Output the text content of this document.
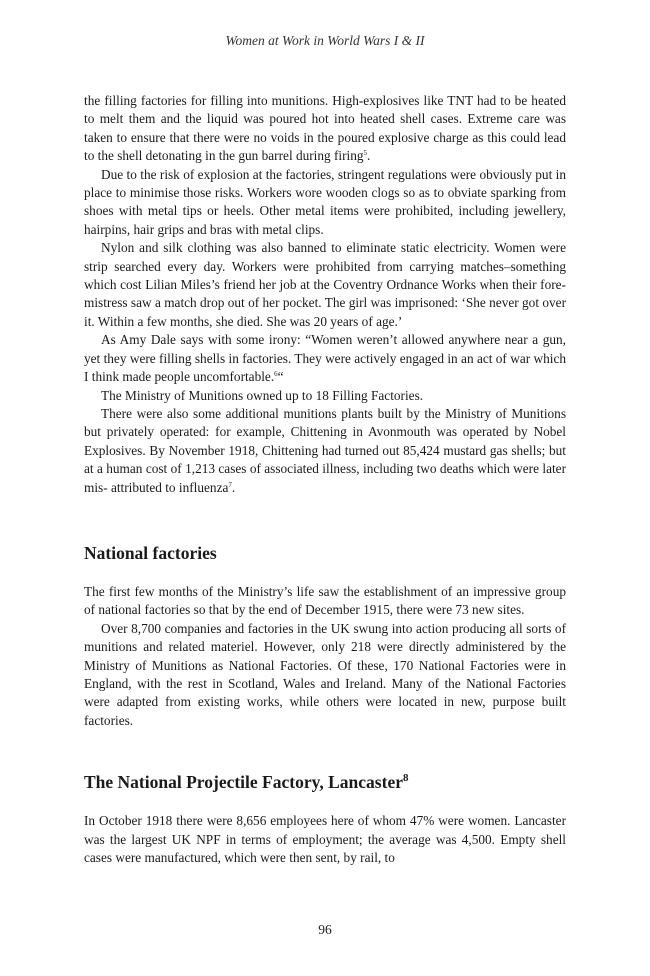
Women at Work in World Wars I & II

the filling factories for filling into munitions. High-explosives like TNT had to be heated to melt them and the liquid was poured hot into heated shell cases. Extreme care was taken to ensure that there were no voids in the poured explosive charge as this could lead to the shell detonating in the gun barrel during firing$^5$.

Due to the risk of explosion at the factories, stringent regulations were obviously put in place to minimise those risks. Workers wore wooden clogs so as to obviate sparking from shoes with metal tips or heels. Other metal items were prohibited, including jewellery, hairpins, hair grips and bras with metal clips.

Nylon and silk clothing was also banned to eliminate static electricity. Women were strip searched every day. Workers were prohibited from carrying matches–something which cost Lilian Miles’s friend her job at the Coventry Ordnance Works when their fore-mistress saw a match drop out of her pocket. The girl was imprisoned: ‘She never got over it. Within a few months, she died. She was 20 years of age.’

As Amy Dale says with some irony: “Women weren’t allowed anywhere near a gun, yet they were filling shells in factories. They were actively engaged in an act of war which I think made people uncomfortable.$^6$“

The Ministry of Munitions owned up to 18 Filling Factories.

There were also some additional munitions plants built by the Ministry of Munitions but privately operated: for example, Chittening in Avonmouth was operated by Nobel Explosives. By November 1918, Chittening had turned out 85,424 mustard gas shells; but at a human cost of 1,213 cases of associated illness, including two deaths which were later mis- attributed to influenza$^7$.

National factories

The first few months of the Ministry’s life saw the establishment of an impressive group of national factories so that by the end of December 1915, there were 73 new sites.

Over 8,700 companies and factories in the UK swung into action producing all sorts of munitions and related materiel. However, only 218 were directly administered by the Ministry of Munitions as National Factories. Of these, 170 National Factories were in England, with the rest in Scotland, Wales and Ireland. Many of the National Factories were adapted from existing works, while others were located in new, purpose built factories.

The National Projectile Factory, Lancaster$^8$

In October 1918 there were 8,656 employees here of whom 47% were women. Lancaster was the largest UK NPF in terms of employment; the average was 4,500. Empty shell cases were manufactured, which were then sent, by rail, to

96
